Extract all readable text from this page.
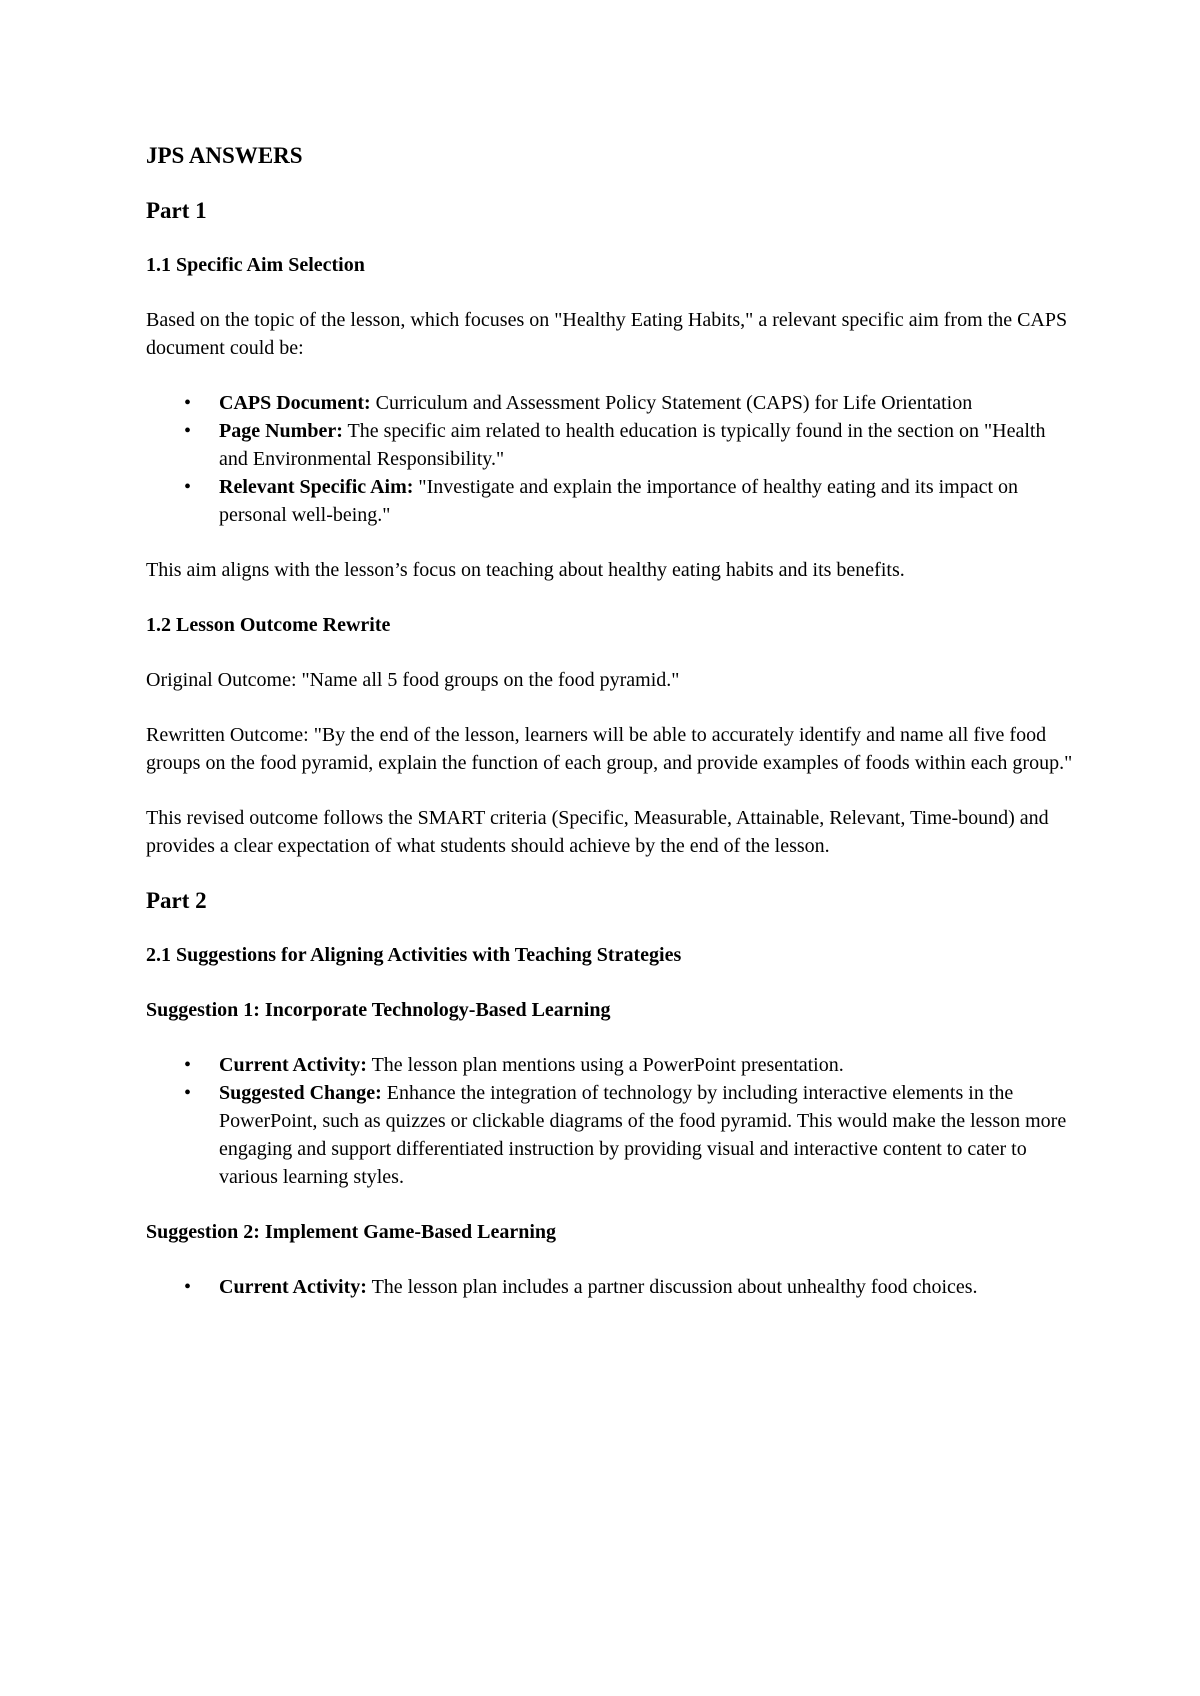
JPS ANSWERS
Part 1
1.1 Specific Aim Selection
Based on the topic of the lesson, which focuses on "Healthy Eating Habits," a relevant specific aim from the CAPS document could be:
• CAPS Document: Curriculum and Assessment Policy Statement (CAPS) for Life Orientation
• Page Number: The specific aim related to health education is typically found in the section on "Health and Environmental Responsibility."
• Relevant Specific Aim: "Investigate and explain the importance of healthy eating and its impact on personal well-being."
This aim aligns with the lesson’s focus on teaching about healthy eating habits and its benefits.
1.2 Lesson Outcome Rewrite
Original Outcome: "Name all 5 food groups on the food pyramid."
Rewritten Outcome: "By the end of the lesson, learners will be able to accurately identify and name all five food groups on the food pyramid, explain the function of each group, and provide examples of foods within each group."
This revised outcome follows the SMART criteria (Specific, Measurable, Attainable, Relevant, Time-bound) and provides a clear expectation of what students should achieve by the end of the lesson.
Part 2
2.1 Suggestions for Aligning Activities with Teaching Strategies
Suggestion 1: Incorporate Technology-Based Learning
• Current Activity: The lesson plan mentions using a PowerPoint presentation.
• Suggested Change: Enhance the integration of technology by including interactive elements in the PowerPoint, such as quizzes or clickable diagrams of the food pyramid. This would make the lesson more engaging and support differentiated instruction by providing visual and interactive content to cater to various learning styles.
Suggestion 2: Implement Game-Based Learning
• Current Activity: The lesson plan includes a partner discussion about unhealthy food choices.
